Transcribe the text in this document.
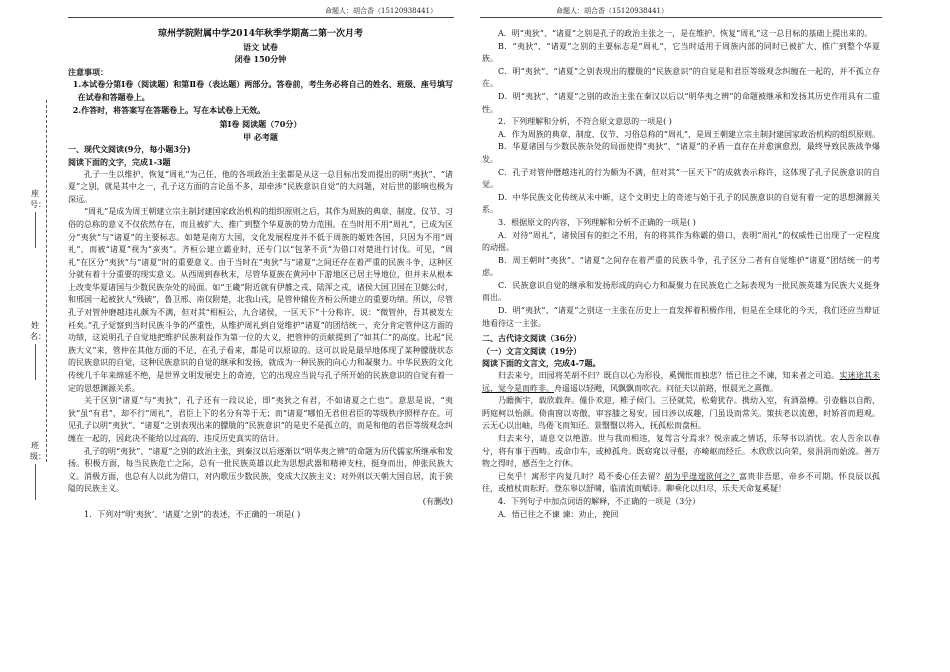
命题人：胡合香（15120938441）	命题人：胡合香（15120938441）
座号：
姓名：
班级：

琼州学院附属中学2014年秋季学期高二第一次月考

语文 试卷

闭卷 150分钟

注意事项：

1.本试卷分第Ⅰ卷（阅读题）和第Ⅱ卷（表达题）两部分。答卷前，考生务必将自己的姓名、班级、座号填写在试卷和答题卷上。

2.作答时，将答案写在答题卷上。写在本试卷上无效。

第Ⅰ卷 阅读题（70分）

甲 必考题

一、现代文阅读(9分，每小题3分)

阅读下面的文字，完成1-3题

孔子一生以维护、恢复“周礼”为己任，他的各项政治主张都是从这一总目标出发而提出的明“夷狄”、“诸夏”之别，就是其中之一，孔子这方面的言论虽不多，却牵涉“民族意识自觉”的大问题，对后世的影响也极为深远。

“周礼”是成为周王朝建立宗主制封建国家政治机构的组织原则之后，其作为周族的典章、制度、仪节、习俗的总称的意义不仅依然存在，而且被扩大、推广到整个华夏族的势力范围。在当时用不用“周礼”，已成为区分“夷狄”与“诸夏”的主要标志。如楚是南方大国，文化发展程度并不低于周族的姬姓各国，只因为不用“周礼”，而被“诸夏”视为“蛮夷”。齐桓公建立霸业时，还专门以“包茅不贡”为借口对楚进行讨伐。可见，“周礼”在区分“夷狄”与“诸夏”时的重要意义。由于当时在“夷狄”与“诸夏”之间还存在着严重的民族斗争，这种区分就有着十分重要的现实意义。从西周到春秋末，尽管华夏族在黄河中下游地区已居主导地位，但并未从根本上改变华夏诸国与少数民族杂处的局面。如“王畿”附近就有伊雒之戎、陆浑之戎，诸侯大国卫国在卫懿公时，和邢国一起被狄人“残破”，鲁卫邢、南仅附楚，北我山戎，是管仲辅佐齐桓公所建立的重要功绩。所以，尽管孔子对管仲磨越违礼颇为不满，但对其“相桓公，九合诸侯，一匡天下”十分称许，说：“微管仲，吾其被发左衽矣。”孔子觉察到当时民族斗争的严重性，从维护周礼到自觉维护“诸夏”的团结统一，充分肯定管仲这方面的功绩，这说明孔子自觉地把维护民族利益作为第一位的大义，把管仲的贡献提到了“如其仁”的高度。比起“民族大义”来，管仲在其他方面的不足，在孔子看来，都是可以原谅的。这可以说是最早地体现了某种朦胧状态的民族意识的自觉，这种民族意识的自觉的继承和发扬，就成为一种民族的向心力和凝聚力。中华民族的文化传统几千年来绵延不绝，是世界文明发展史上的奇迹，它的出现应当说与孔子所开始的民族意识的自觉有着一定的思想渊源关系。

关于区别“诸夏”与“夷狄”，孔子还有一段议论，即“夷狄之有君，不如诸夏之亡也”。意思是说，“夷狄”虽“有君”，却不行“周礼”，君臣上下的名分有等于无；而“诸夏”哪怕无君但君臣的等级秩序照样存在。可见孔子以明“夷狄”、“诸夏”之别表现出来的朦胧的“民族意识”的是史不是孤立的，而是和他的君臣等级观念纠缠在一起的，因此决不能给以过高的、违反历史真实的估计。

孔子的明“夷狄”、“诸夏”之别的政治主张，到秦汉以后逐渐以“明华夷之辨”的命题为历代儒家所继承和发扬。积极方面，每当民族危亡之际，总有一批民族英雄以此为思想武器和精神支柱，挺身而出，伸张民族大义。消极方面，也总有人以此为借口，对内歌压少数民族，变成大汉族主义；对外则以天朝大国自居，流于狭隘的民族主义。

(有删改)

1．下列对“明‘夷狄’、‘诸夏’之别”的表述，不正确的一项是( )

A．明“夷狄”、“诸夏”之别是孔子的政治主张之一，是在维护、恢复“周礼”这一总目标的基础上提出来的。

B．“夷狄”、“诸夏”之别的主要标志是“周礼”，它当时适用于周族内部的同时已被扩大、推广到整个华夏族。

C．明“夷狄”、“诸夏”之别表现出的朦胧的“民族意识”的自觉是和君臣等级观念纠缠在一起的，并不孤立存在。

D．明“夷狄”、“诸夏”之别的政治主张在秦汉以后以“明华夷之辨”的命题被继承和发扬其历史作用具有二重性。

2．下列理解和分析，不符合原文意思的一项是( )

A．作为周族的典章、制度、仪节、习俗总称的“周礼”，是周王朝建立宗主制封建国家政治机构的组织原则。

B．华夏诸国与少数民族杂处的局面使得“夷狄”、“诸夏”的矛盾一直存在并愈演愈烈，最终导致民族战争爆发。

C．孔子对管仲僭越违礼的行为颇为不满，但对其“一匡天下”的成就表示称许，这体现了孔子民族意识的自觉。

D．中华民族文化传统从未中断，这个文明史上的奇迹与始于孔子的民族意识的自觉有着一定的思想渊源关系。

3．根据原文的内容，下列理解和分析不正确的一项是( )

A．对待“周礼”，诸侯国有的拒之不用，有的将其作为称霸的借口，表明“周礼”的权威性已出现了一定程度的动摇。

B．周王朝时“夷狄”、“诸夏”之间存在着严重的民族斗争，孔子区分二者有自觉维护“诸夏”团结统一的考虑。

C．民族意识自觉的继承和发扬形成的向心力和凝聚力在民族危亡之际表现为一批民族英雄为民族大义挺身而出。

D．明“夷狄”、“诸夏”之别这一主张在历史上一直发挥着积极作用，但是在全球化的今天，我们还应当辩证地看待这一主张。

二、古代诗文阅读（36分）

（一）文言文阅读（19分）

阅读下面的文言文，完成4-7题。

归去来兮，田园将芜胡不归？既自以心为形役，奚惆怅而独悲？悟已往之不谏，知来者之可追。实迷途其未远，觉今是而昨非。舟遥遥以轻飏，风飘飘而吹衣。问征夫以前路，恨晨光之熹微。

乃瞻衡宇，载欣载奔。僮仆欢迎，稚子候门。三径就荒，松菊犹存。携幼入室，有酒盈樽。引壶觞以自酌，眄庭柯以怡颜。倚南窗以寄傲，审容膝之易安。园日涉以成趣，门虽设而常关。策扶老以流憩，时矫首而遐观。云无心以出岫，鸟倦飞而知还。景翳翳以将入，抚孤松而盘桓。

归去来兮，请息交以绝游。世与我而相违，复驾言兮焉求？悦亲戚之情话，乐琴书以消忧。农人告余以春兮，将有事于西畴。或命巾车，或棹孤舟。既窈窕以寻壑，亦崎岖而经丘。木欣欣以向荣，泉涓涓而始流。善万物之得时，感吾生之行休。

已矣乎！寓形宇内复几时？曷不委心任去留？胡为乎遑遑欲何之？富贵非吾愿，帝乡不可期。怀良辰以孤往，或植杖而耘耔。登东皋以舒啸，临清流而赋诗。聊乘化以归尽，乐夫天命复奚疑！

4．下列句子中加点词语的解释，不正确的一项是（3分）

A．悟已往之不谏 谏：劝止，挽回
